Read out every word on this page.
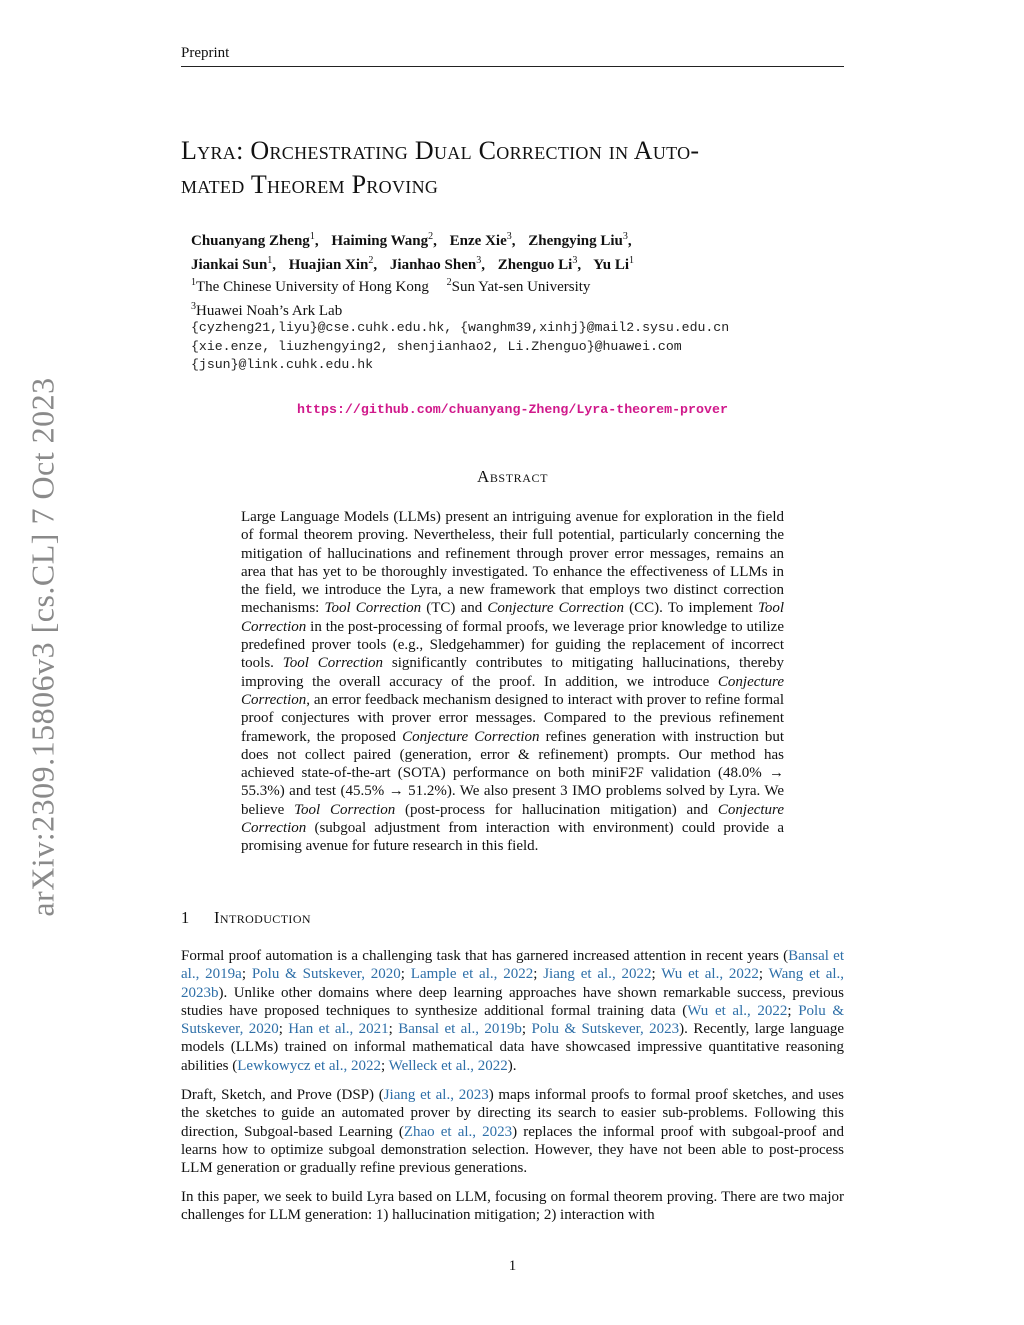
Preprint
arXiv:2309.15806v3 [cs.CL] 7 Oct 2023
Lyra: Orchestrating Dual Correction in Auto-
mated Theorem Proving
Chuanyang Zheng$^1$, Haiming Wang$^2$, Enze Xie$^3$, Zhengying Liu$^3$,
Jiankai Sun$^1$, Huajian Xin$^2$, Jianhao Shen$^3$, Zhenguo Li$^3$, Yu Li$^1$
$^1$The Chinese University of Hong Kong $^2$Sun Yat-sen University
$^3$Huawei Noah’s Ark Lab
{cyzheng21,liyu}@cse.cuhk.edu.hk, {wanghm39,xinhj}@mail2.sysu.edu.cn
{xie.enze, liuzhengying2, shenjianhao2, Li.Zhenguo}@huawei.com
{jsun}@link.cuhk.edu.hk
https://github.com/chuanyang-Zheng/Lyra-theorem-prover
Abstract
Large Language Models (LLMs) present an intriguing avenue for exploration in the field of formal theorem proving. Nevertheless, their full potential, particularly concerning the mitigation of hallucinations and refinement through prover error messages, remains an area that has yet to be thoroughly investigated. To enhance the effectiveness of LLMs in the field, we introduce the Lyra, a new framework that employs two distinct correction mechanisms: Tool Correction (TC) and Conjecture Correction (CC). To implement Tool Correction in the post-processing of formal proofs, we leverage prior knowledge to utilize predefined prover tools (e.g., Sledgehammer) for guiding the replacement of incorrect tools. Tool Correction significantly contributes to mitigating hallucinations, thereby improving the overall accuracy of the proof. In addition, we introduce Conjecture Correction, an error feedback mechanism designed to interact with prover to refine formal proof conjectures with prover error messages. Compared to the previous refinement framework, the proposed Conjecture Correction refines generation with instruction but does not collect paired (generation, error & refinement) prompts. Our method has achieved state-of-the-art (SOTA) performance on both miniF2F validation (48.0% → 55.3%) and test (45.5% → 51.2%). We also present 3 IMO problems solved by Lyra. We believe Tool Correction (post-process for hallucination mitigation) and Conjecture Correction (subgoal adjustment from interaction with environment) could provide a promising avenue for future research in this field.
1 Introduction

Formal proof automation is a challenging task that has garnered increased attention in recent years (Bansal et al., 2019a; Polu & Sutskever, 2020; Lample et al., 2022; Jiang et al., 2022; Wu et al., 2022; Wang et al., 2023b). Unlike other domains where deep learning approaches have shown remarkable success, previous studies have proposed techniques to synthesize additional formal training data (Wu et al., 2022; Polu & Sutskever, 2020; Han et al., 2021; Bansal et al., 2019b; Polu & Sutskever, 2023). Recently, large language models (LLMs) trained on informal mathematical data have showcased impressive quantitative reasoning abilities (Lewkowycz et al., 2022; Welleck et al., 2022).

Draft, Sketch, and Prove (DSP) (Jiang et al., 2023) maps informal proofs to formal proof sketches, and uses the sketches to guide an automated prover by directing its search to easier sub-problems. Following this direction, Subgoal-based Learning (Zhao et al., 2023) replaces the informal proof with subgoal-proof and learns how to optimize subgoal demonstration selection. However, they have not been able to post-process LLM generation or gradually refine previous generations.

In this paper, we seek to build Lyra based on LLM, focusing on formal theorem proving. There are two major challenges for LLM generation: 1) hallucination mitigation; 2) interaction with

1
